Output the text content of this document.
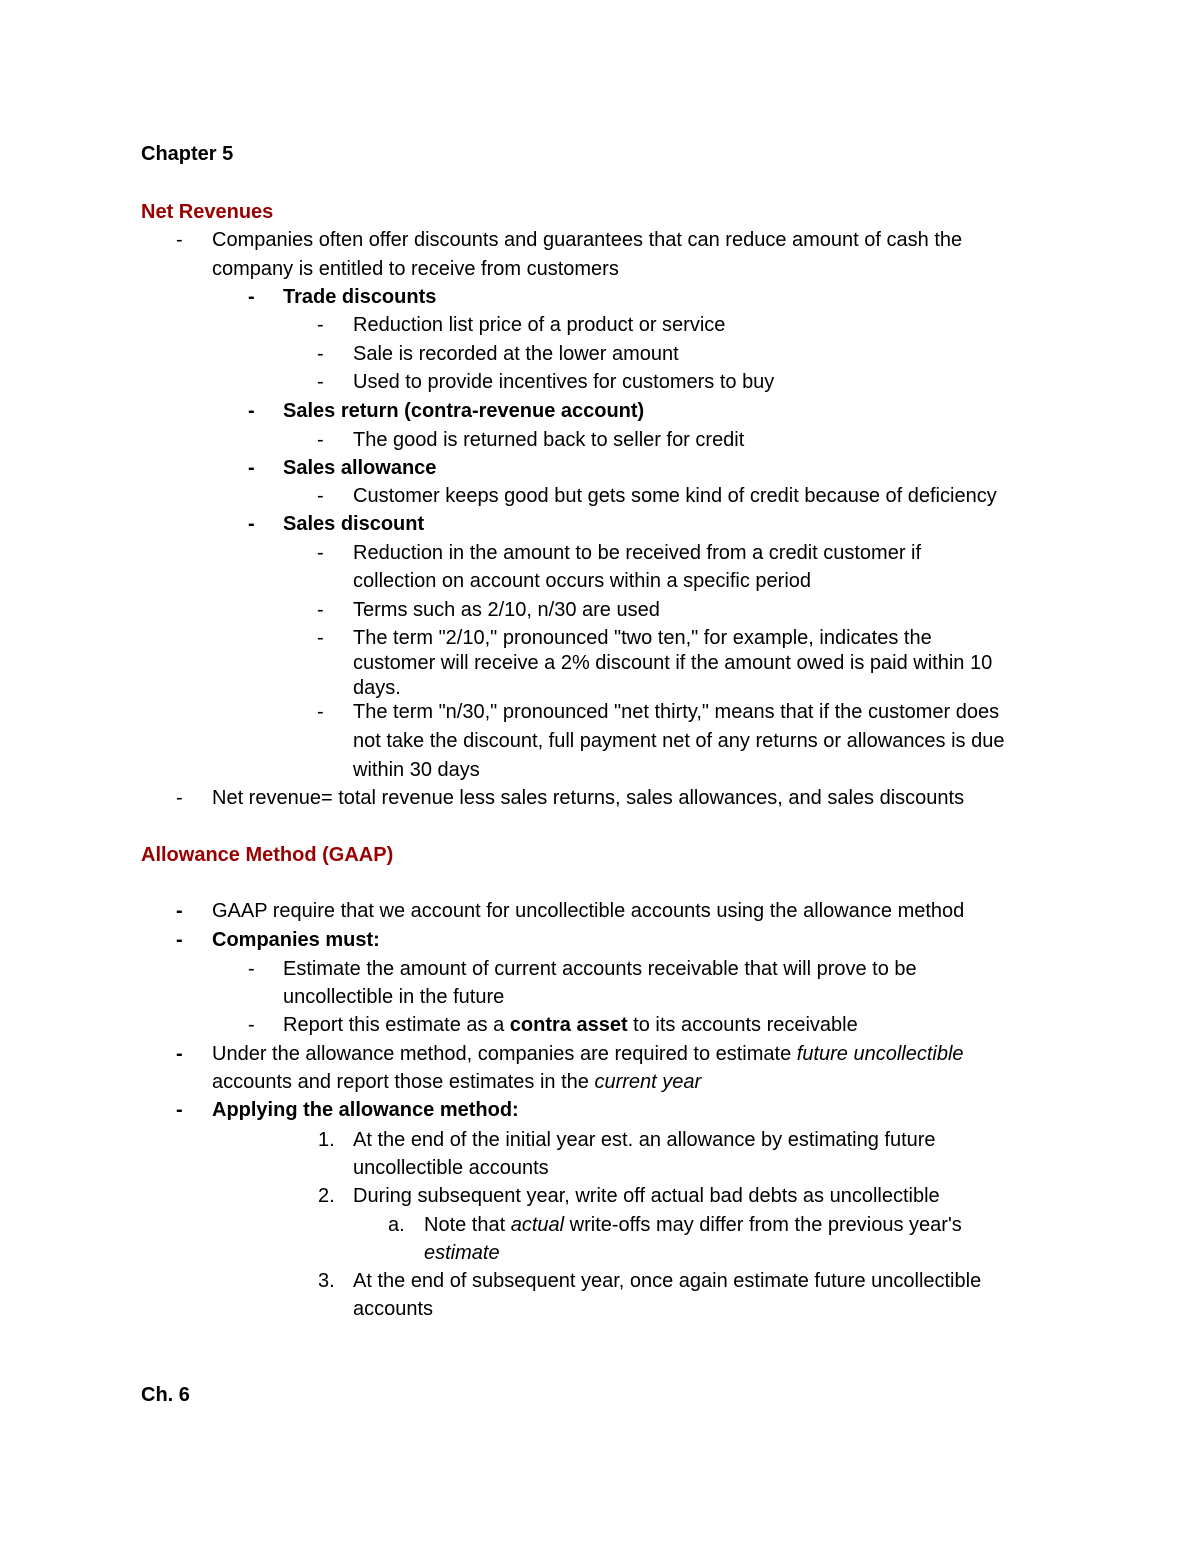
Chapter 5
Net Revenues
- Companies often offer discounts and guarantees that can reduce amount of cash the
company is entitled to receive from customers
- Trade discounts
- Reduction list price of a product or service
- Sale is recorded at the lower amount
- Used to provide incentives for customers to buy
- Sales return (contra-revenue account)
- The good is returned back to seller for credit
- Sales allowance
- Customer keeps good but gets some kind of credit because of deficiency
- Sales discount
- Reduction in the amount to be received from a credit customer if
collection on account occurs within a specific period
- Terms such as 2/10, n/30 are used
- The term "2/10," pronounced "two ten," for example, indicates the
customer will receive a 2% discount if the amount owed is paid within 10
days.
- The term "n/30," pronounced "net thirty," means that if the customer does
not take the discount, full payment net of any returns or allowances is due
within 30 days
- Net revenue= total revenue less sales returns, sales allowances, and sales discounts
Allowance Method (GAAP)
- GAAP require that we account for uncollectible accounts using the allowance method
- Companies must:
- Estimate the amount of current accounts receivable that will prove to be
uncollectible in the future
- Report this estimate as a contra asset to its accounts receivable
- Under the allowance method, companies are required to estimate future uncollectible
accounts and report those estimates in the current year
- Applying the allowance method:
1. At the end of the initial year est. an allowance by estimating future
uncollectible accounts
2. During subsequent year, write off actual bad debts as uncollectible
a. Note that actual write-offs may differ from the previous year's
estimate
3. At the end of subsequent year, once again estimate future uncollectible
accounts
Ch. 6
